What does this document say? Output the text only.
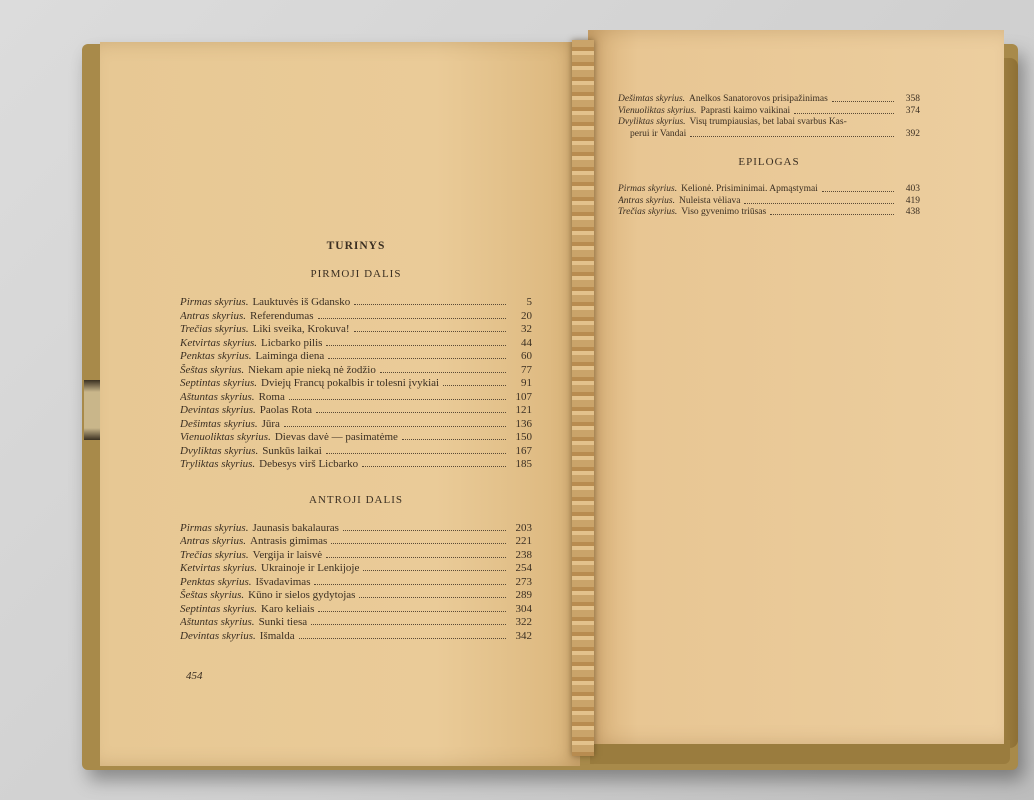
TURINYS
PIRMOJI DALIS
Pirmas skyrius. Lauktuvės iš Gdansko	5
Antras skyrius. Referendumas	20
Trečias skyrius. Liki sveika, Krokuva!	32
Ketvirtas skyrius. Licbarko pilis	44
Penktas skyrius. Laiminga diena	60
Šeštas skyrius. Niekam apie nieką nė žodžio	77
Septintas skyrius. Dviejų Francų pokalbis ir tolesni įvykiai	91
Aštuntas skyrius. Roma	107
Devintas skyrius. Paolas Rota	121
Dešimtas skyrius. Jūra	136
Vienuoliktas skyrius. Dievas davė — pasimatėme	150
Dvyliktas skyrius. Sunkūs laikai	167
Tryliktas skyrius. Debesys virš Licbarko	185
ANTROJI DALIS
Pirmas skyrius. Jaunasis bakalauras	203
Antras skyrius. Antrasis gimimas	221
Trečias skyrius. Vergija ir laisvė	238
Ketvirtas skyrius. Ukrainoje ir Lenkijoje	254
Penktas skyrius. Išvadavimas	273
Šeštas skyrius. Kūno ir sielos gydytojas	289
Septintas skyrius. Karo keliais	304
Aštuntas skyrius. Sunki tiesa	322
Devintas skyrius. Išmalda	342
454
Dešimtas skyrius. Anelkos Sanatorovos prisipažinimas	358
Vienuoliktas skyrius. Paprasti kaimo vaikinai	374
Dvyliktas skyrius. Visų trumpiausias, bet labai svarbus Kas-
perui ir Vandai	392
EPILOGAS
Pirmas skyrius. Kelionė. Prisiminimai. Apmąstymai	403
Antras skyrius. Nuleista vėliava	419
Trečias skyrius. Viso gyvenimo triūsas	438
